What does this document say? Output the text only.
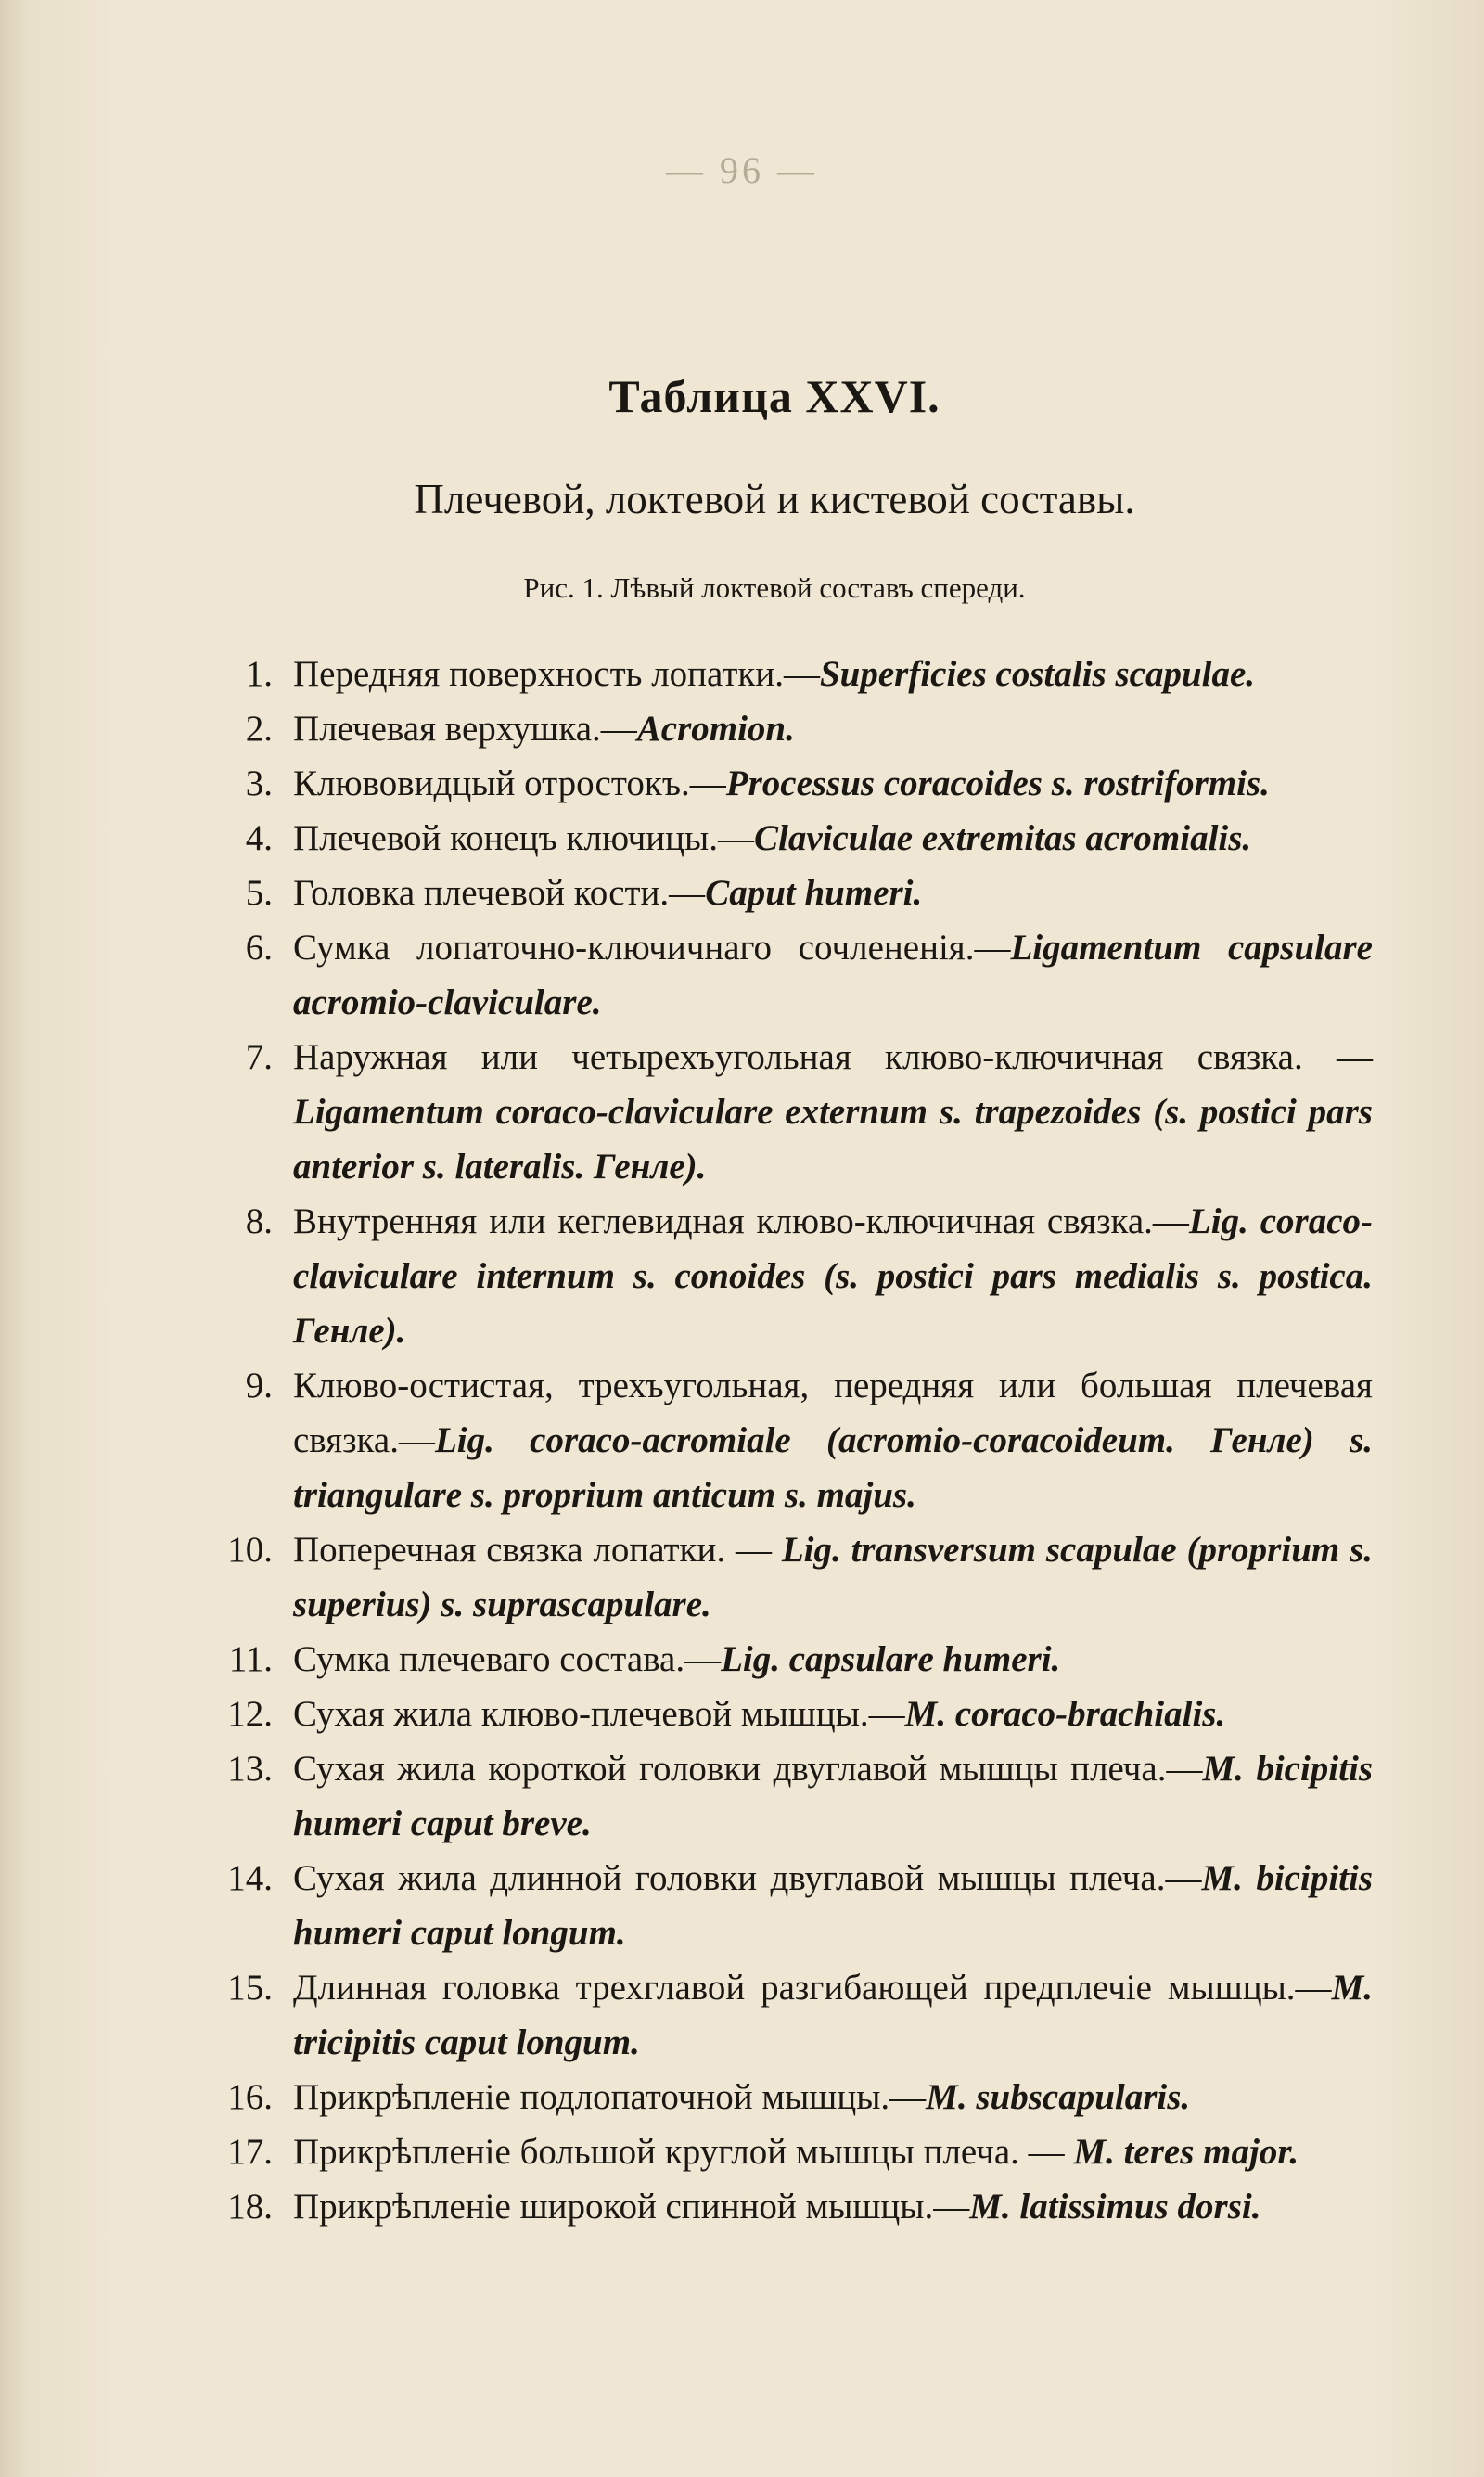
— 96 —
Таблица XXVI.
Плечевой, локтевой и кистевой составы.
Рис. 1. Лѣвый локтевой составъ спереди.
1. Передняя поверхность лопатки.—Superficies costalis scapulae.
2. Плечевая верхушка.—Acromion.
3. Клювовидцый отростокъ.—Processus coracoides s. rostriformis.
4. Плечевой конецъ ключицы.—Claviculae extremitas acromialis.
5. Головка плечевой кости.—Caput humeri.
6. Сумка лопаточно-ключичнаго сочлененія.—Ligamentum capsulare acromio-claviculare.
7. Наружная или четырехъугольная клюво-ключичная связка. — Ligamentum coraco-claviculare externum s. trapezoides (s. postici pars anterior s. lateralis. Генле).
8. Внутренняя или кеглевидная клюво-ключичная связка.—Lig. coraco-claviculare internum s. conoides (s. postici pars medialis s. postica. Генле).
9. Клюво-остистая, трехъугольная, передняя или большая плечевая связка.—Lig. coraco-acromiale (acromio-coracoideum. Генле) s. triangulare s. proprium anticum s. majus.
10. Поперечная связка лопатки. — Lig. transversum scapulae (proprium s. superius) s. suprascapulare.
11. Сумка плечеваго состава.—Lig. capsulare humeri.
12. Сухая жила клюво-плечевой мышцы.—M. coraco-brachialis.
13. Сухая жила короткой головки двуглавой мышцы плеча.—M. bicipitis humeri caput breve.
14. Сухая жила длинной головки двуглавой мышцы плеча.—M. bicipitis humeri caput longum.
15. Длинная головка трехглавой разгибающей предплечіе мышцы.—M. tricipitis caput longum.
16. Прикрѣпленіе подлопаточной мышцы.—M. subscapularis.
17. Прикрѣпленіе большой круглой мышцы плеча. — M. teres major.
18. Прикрѣпленіе широкой спинной мышцы.—M. latissimus dorsi.
